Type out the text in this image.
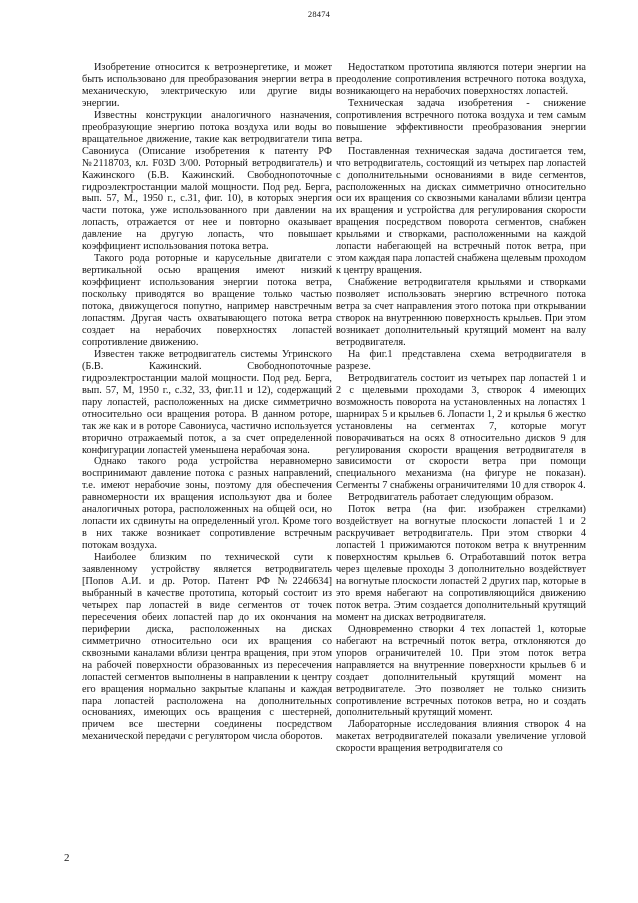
28474

Изобретение относится к ветроэнергетике, и может быть использовано для преобразования энергии ветра в механическую, электрическую или другие виды энергии.

Известны конструкции аналогичного назначения, преобразующие энергию потока воздуха или воды во вращательное движение, такие как ветродвигатели типа Савониуса (Описание изобретения к патенту РФ №2118703, кл. F03D 3/00. Роторный ветродвигатель) и Кажинского (Б.В. Кажинский. Свободнопоточные гидроэлектростанции малой мощности. Под ред. Берга, вып. 57, М., 1950 г., с.31, фиг. 10), в которых энергия части потока, уже использованного при давлении на лопасть, отражается от нее и повторно оказывает давление на другую лопасть, что повышает коэффициент использования потока ветра.

Такого рода роторные и карусельные двигатели с вертикальной осью вращения имеют низкий коэффициент использования энергии потока ветра, поскольку приводятся во вращение только частью потока, движущегося попутно, например навстречным лопастям. Другая часть охватывающего потока ветра создает на нерабочих поверхностях лопастей сопротивление движению.

Известен также ветродвигатель системы Угринского (Б.В. Кажинский. Свободнопоточные гидроэлектростанции малой мощности. Под ред. Берга, вып. 57, М, 1950 г., с.32, 33, фиг.11 и 12), содержащий пару лопастей, расположенных на диске симметрично относительно оси вращения ротора. В данном роторе, так же как и в роторе Савониуса, частично используется вторично отражаемый поток, а за счет определенной конфигурации лопастей уменьшена нерабочая зона.

Однако такого рода устройства неравномерно воспринимают давление потока с разных направлений, т.е. имеют нерабочие зоны, поэтому для обеспечения равномерности их вращения используют два и более аналогичных ротора, расположенных на общей оси, но лопасти их сдвинуты на определенный угол. Кроме того в них также возникает сопротивление встречным потокам воздуха.

Наиболее близким по технической сути к заявленному устройству является ветродвигатель [Попов А.И. и др. Ротор. Патент РФ №2246634] выбранный в качестве прототипа, который состоит из четырех пар лопастей в виде сегментов от точек пересечения обеих лопастей пар до их окончания на периферии диска, расположенных на дисках симметрично относительно оси их вращения со сквозными каналами вблизи центра вращения, при этом на рабочей поверхности образованных из пересечения лопастей сегментов выполнены в направлении к центру его вращения нормально закрытые клапаны и каждая пара лопастей расположена на дополнительных основаниях, имеющих ось вращения с шестерней, причем все шестерни соединены посредством механической передачи с регулятором числа оборотов.

Недостатком прототипа являются потери энергии на преодоление сопротивления встречного потока воздуха, возникающего на нерабочих поверхностях лопастей.

Техническая задача изобретения - снижение сопротивления встречного потока воздуха и тем самым повышение эффективности преобразования энергии ветра.

Поставленная техническая задача достигается тем, что ветродвигатель, состоящий из четырех пар лопастей с дополнительными основаниями в виде сегментов, расположенных на дисках симметрично относительно оси их вращения со сквозными каналами вблизи центра их вращения и устройства для регулирования скорости вращения посредством поворота сегментов, снабжен крыльями и створками, расположенными на каждой лопасти набегающей на встречный поток ветра, при этом каждая пара лопастей снабжена щелевым проходом к центру вращения.

Снабжение ветродвигателя крыльями и створками позволяет использовать энергию встречного потока ветра за счет направления этого потока при открывании створок на внутреннюю поверхность крыльев. При этом возникает дополнительный крутящий момент на валу ветродвигателя.

На фиг.1 представлена схема ветродвигателя в разрезе.

Ветродвигатель состоит из четырех пар лопастей 1 и 2 с щелевыми проходами 3, створок 4 имеющих возможность поворота на установленных на лопастях 1 шарнирах 5 и крыльев 6. Лопасти 1, 2 и крылья 6 жестко установлены на сегментах 7, которые могут поворачиваться на осях 8 относительно дисков 9 для регулирования скорости вращения ветродвигателя в зависимости от скорости ветра при помощи специального механизма (на фигуре не показан). Сегменты 7 снабжены ограничителями 10 для створок 4.

Ветродвигатель работает следующим образом.

Поток ветра (на фиг. изображен стрелками) воздействует на вогнутые плоскости лопастей 1 и 2 раскручивает ветродвигатель. При этом створки 4 лопастей 1 прижимаются потоком ветра к внутренним поверхностям крыльев 6. Отработавший поток ветра через щелевые проходы 3 дополнительно воздействует на вогнутые плоскости лопастей 2 других пар, которые в это время набегают на сопротивляющийся движению поток ветра. Этим создается дополнительный крутящий момент на дисках ветродвигателя.

Одновременно створки 4 тех лопастей 1, которые набегают на встречный поток ветра, отклоняются до упоров ограничителей 10. При этом поток ветра направляется на внутренние поверхности крыльев 6 и создает дополнительный крутящий момент на ветродвигателе. Это позволяет не только снизить сопротивление встречных потоков ветра, но и создать дополнительный крутящий момент.

Лабораторные исследования влияния створок 4 на макетах ветродвигателей показали увеличение угловой скорости вращения ветродвигателя со

2
